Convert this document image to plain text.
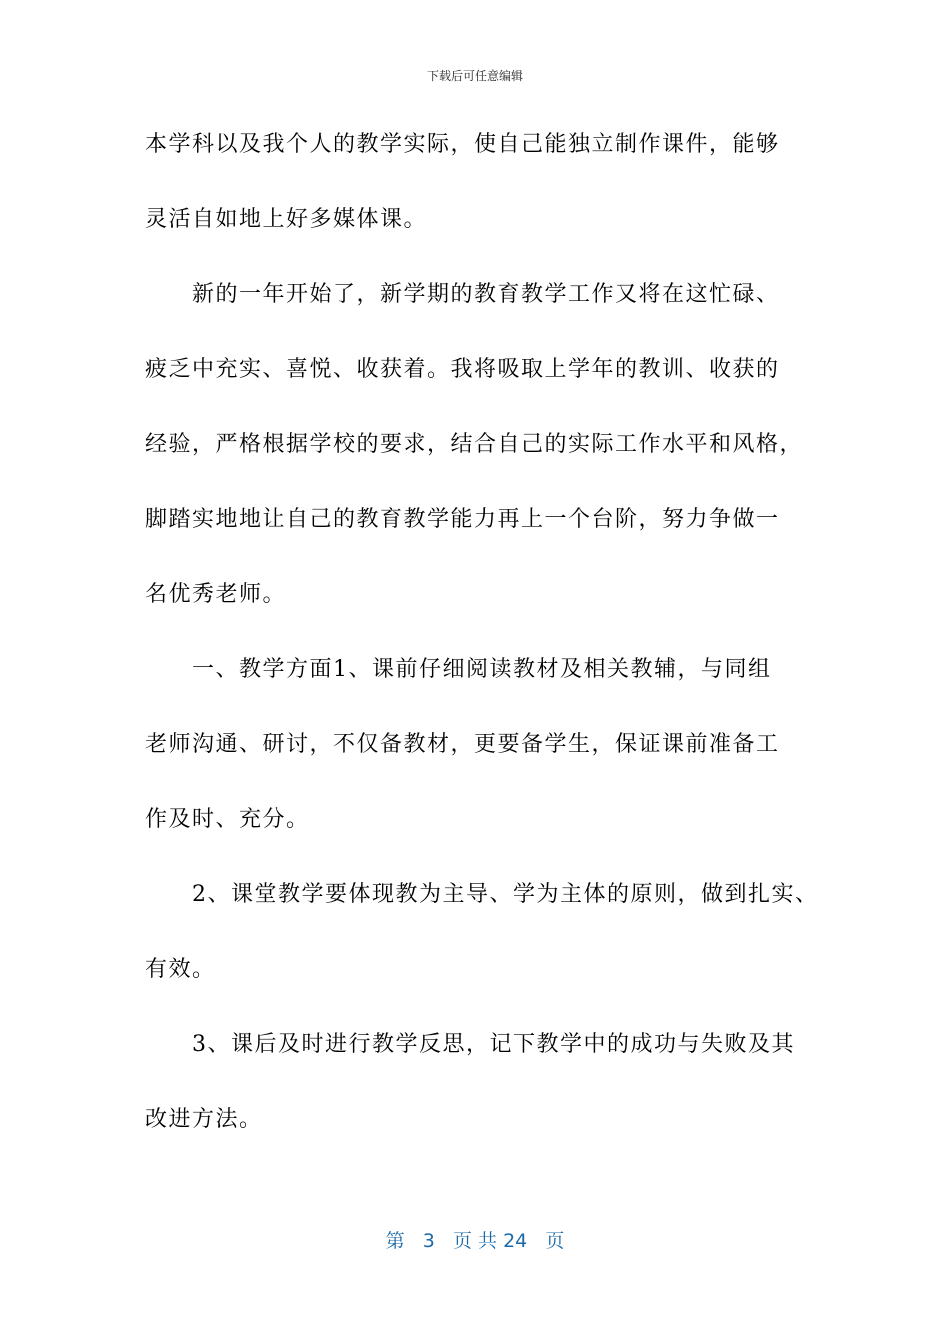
下载后可任意编辑
本学科以及我个人的教学实际，使自己能独立制作课件，能够
灵活自如地上好多媒体课。
新的一年开始了，新学期的教育教学工作又将在这忙碌、
疲乏中充实、喜悦、收获着。我将吸取上学年的教训、收获的
经验，严格根据学校的要求，结合自己的实际工作水平和风格，
脚踏实地地让自己的教育教学能力再上一个台阶，努力争做一
名优秀老师。
一、教学方面1、课前仔细阅读教材及相关教辅，与同组
老师沟通、研讨，不仅备教材，更要备学生，保证课前准备工
作及时、充分。
2、课堂教学要体现教为主导、学为主体的原则，做到扎实、
有效。
3、课后及时进行教学反思，记下教学中的成功与失败及其
改进方法。
第 3 页 共 24 页
